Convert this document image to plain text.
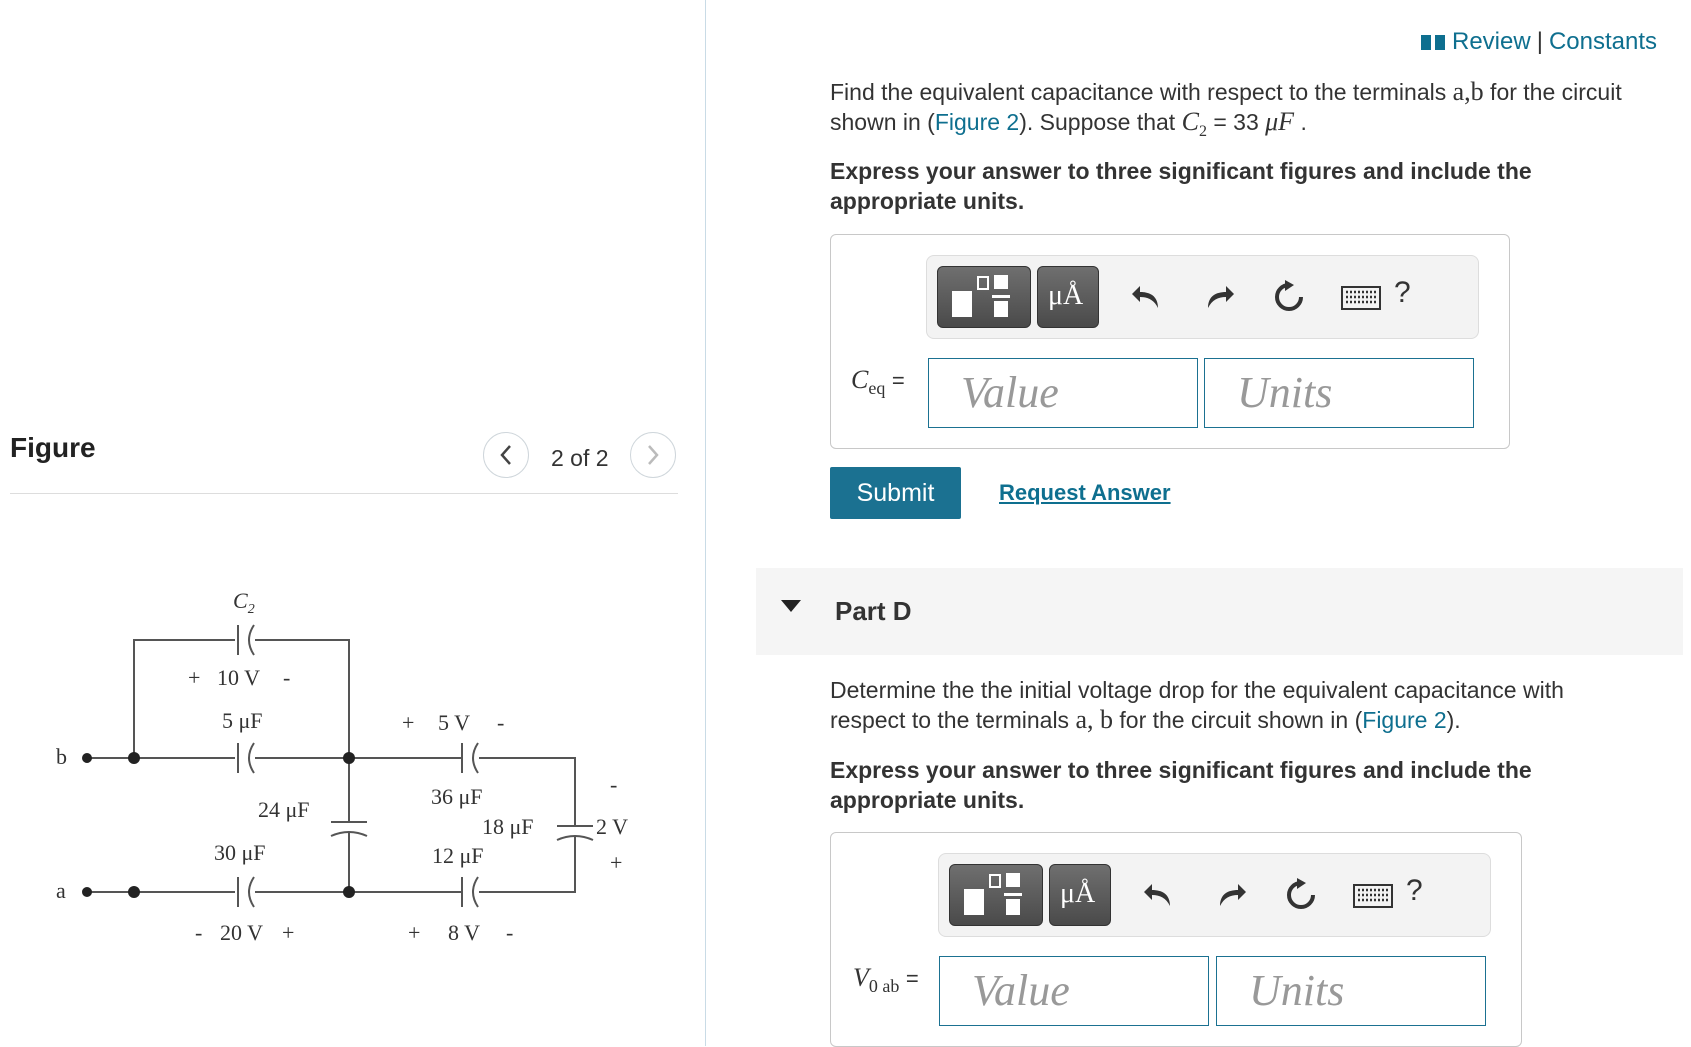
Figure	2 of 2
$C_2$
+ 10 V -
5 μF
24 μF
30 μF
- 20 V +
+ 5 V -
36 μF
18 μF
12 μF
+ 8 V -
-
2 V
+
b
a
Review | Constants
Find the equivalent capacitance with respect to the terminals a,b for the circuit
shown in (Figure 2). Suppose that $C_2 = 33$ μF .
Express your answer to three significant figures and include the
appropriate units.
μÅ	?
$C_{eq}$ =	Value	Units
Submit	Request Answer
Part D
Determine the the initial voltage drop for the equivalent capacitance with
respect to the terminals a, b for the circuit shown in (Figure 2).
Express your answer to three significant figures and include the
appropriate units.
μÅ	?
$V_{0 ab}$ =	Value	Units
